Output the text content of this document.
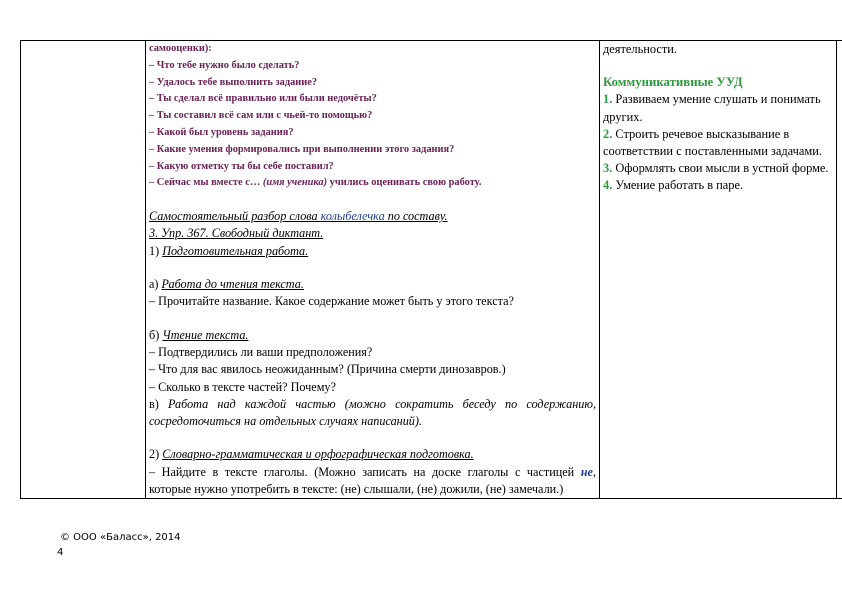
самооценки):

– Что тебе нужно было сделать?

– Удалось тебе выполнить задание?

– Ты сделал всё правильно или были недочёты?

– Ты составил всё сам или с чьей-то помощью?

– Какой был уровень задания?

– Какие умения формировались при выполнении этого задания?

– Какую отметку ты бы себе поставил?

– Сейчас мы вместе с… (имя ученика) учились оценивать свою работу.

Самостоятельный разбор слова колыбелечка по составу.

3. Упр. 367. Свободный диктант.

1) Подготовительная работа.

а) Работа до чтения текста.

– Прочитайте название. Какое содержание может быть у этого текста?

б) Чтение текста.

– Подтвердились ли ваши предположения?

– Что для вас явилось неожиданным? (Причина смерти динозавров.)

– Сколько в тексте частей? Почему?

в) Работа над каждой частью (можно сократить беседу по содержанию, сосредоточиться на отдельных случаях написаний).

2) Словарно-грамматическая и орфографическая подготовка.

– Найдите в тексте глаголы. (Можно записать на доске глаголы с частицей не, которые нужно употребить в тексте: (не) слышали, (не) дожили, (не) замечали.)

деятельности.

Коммуникативные УУД

1. Развиваем умение слушать и понимать других.

2. Строить речевое высказывание в соответствии с поставленными задачами.

3. Оформлять свои мысли в устной форме.

4. Умение работать в паре.

© ООО «Баласс», 2014
4
